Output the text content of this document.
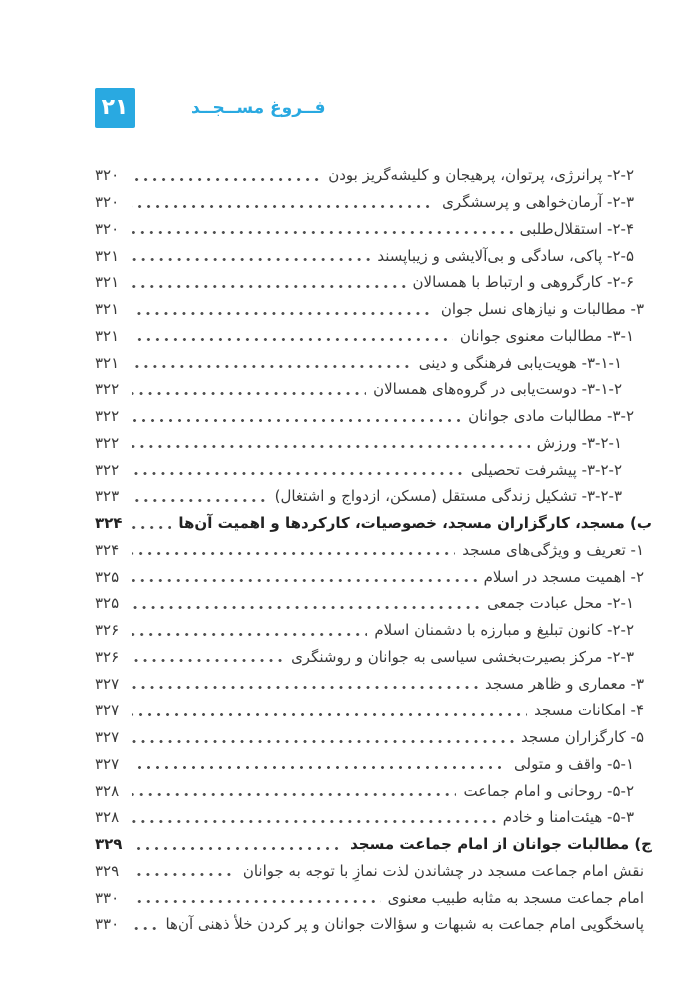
۲۱	فــروغ مســجــد
۲-۲- پرانرژی، پرتوان، پرهیجان و کلیشه‌گریز بودن
۳۲۰
۲-۳- آرمان‌خواهی و پرسشگری
۳۲۰
۲-۴- استقلال‌طلبی
۳۲۰
۲-۵- پاکی، سادگی و بی‌آلایشی و زیباپسند
۳۲۱
۲-۶- کارگروهی و ارتباط با همسالان
۳۲۱
۳- مطالبات و نیازهای نسل جوان
۳۲۱
۳-۱- مطالبات معنوی جوانان
۳۲۱
۳-۱-۱- هویت‌یابی فرهنگی و دینی
۳۲۱
۳-۱-۲- دوست‌یابی در گروه‌های همسالان
۳۲۲
۳-۲- مطالبات مادی جوانان
۳۲۲
۳-۲-۱- ورزش
۳۲۲
۳-۲-۲- پیشرفت تحصیلی
۳۲۲
۳-۲-۳- تشکیل زندگی مستقل (مسکن، ازدواج و اشتغال)
۳۲۳
ب) مسجد، کارگزاران مسجد، خصوصیات، کارکردها و اهمیت آن‌ها
۳۲۴
۱- تعریف و ویژگی‌های مسجد
۳۲۴
۲- اهمیت مسجد در اسلام
۳۲۵
۲-۱- محل عبادت جمعی
۳۲۵
۲-۲- کانون تبلیغ و مبارزه با دشمنان اسلام
۳۲۶
۲-۳- مرکز بصیرت‌بخشی سیاسی به جوانان و روشنگری
۳۲۶
۳- معماری و ظاهر مسجد
۳۲۷
۴- امکانات مسجد
۳۲۷
۵- کارگزاران مسجد
۳۲۷
۵-۱- واقف و متولی
۳۲۷
۵-۲- روحانی و امام جماعت
۳۲۸
۵-۳- هیئت‌امنا و خادم
۳۲۸
ج) مطالبات جوانان از امام جماعت مسجد
۳۲۹
نقش امام جماعت مسجد در چشاندن لذت نمازِ با توجه به جوانان
۳۲۹
امام جماعت مسجد به مثابه طبیب معنوی
۳۳۰
پاسخگویی امام جماعت به شبهات و سؤالات جوانان و پر کردن خلأ ذهنی آن‌ها
۳۳۰
